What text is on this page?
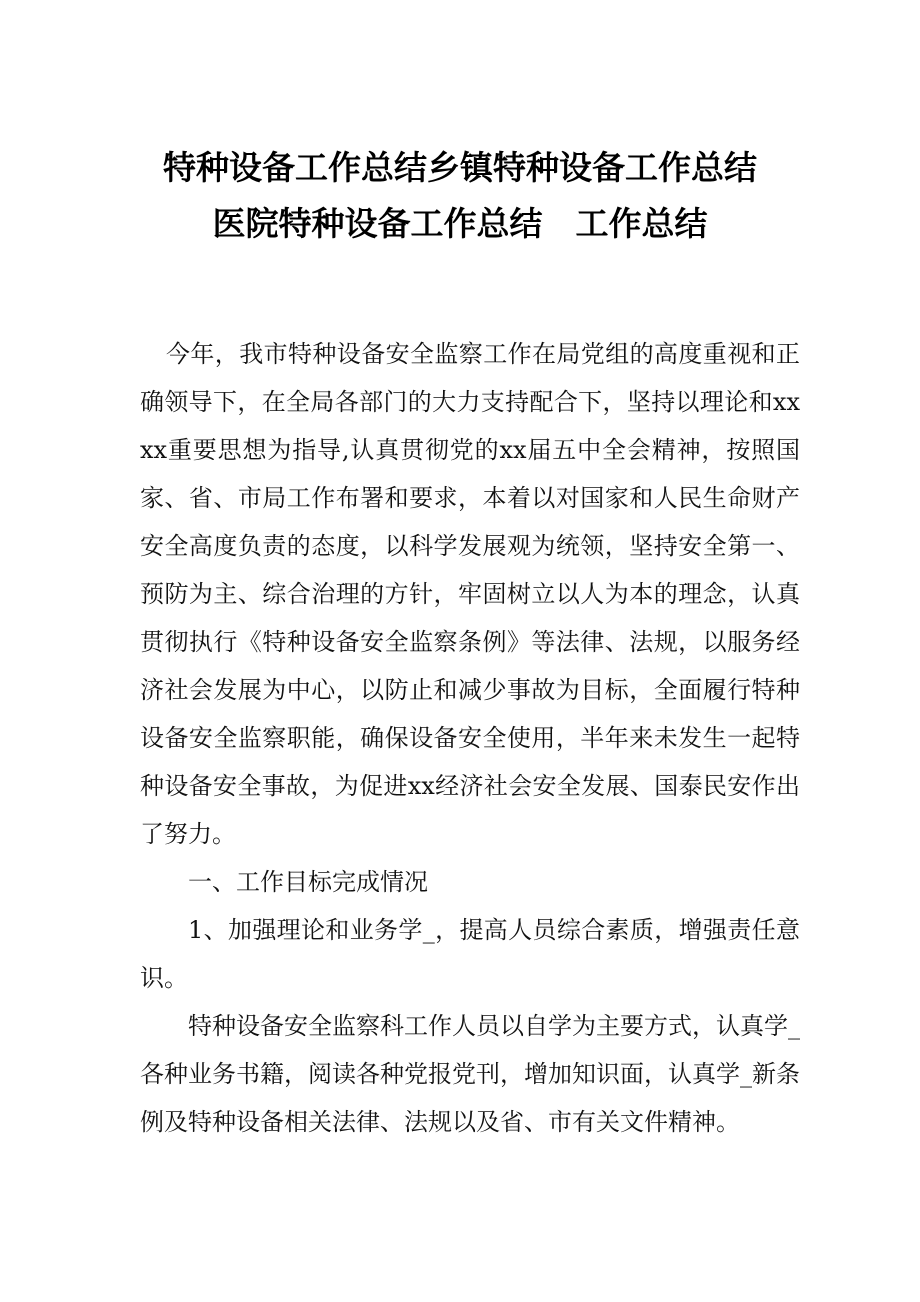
特种设备工作总结乡镇特种设备工作总结
医院特种设备工作总结　工作总结

今年，我市特种设备安全监察工作在局党组的高度重视和正确领导下，在全局各部门的大力支持配合下，坚持以理论和xxxx重要思想为指导,认真贯彻党的xx届五中全会精神，按照国家、省、市局工作布署和要求，本着以对国家和人民生命财产安全高度负责的态度，以科学发展观为统领，坚持安全第一、预防为主、综合治理的方针，牢固树立以人为本的理念，认真贯彻执行《特种设备安全监察条例》等法律、法规，以服务经济社会发展为中心，以防止和减少事故为目标，全面履行特种设备安全监察职能，确保设备安全使用，半年来未发生一起特种设备安全事故，为促进xx经济社会安全发展、国泰民安作出了努力。

一、工作目标完成情况

1、加强理论和业务学_，提高人员综合素质，增强责任意识。

特种设备安全监察科工作人员以自学为主要方式，认真学_各种业务书籍，阅读各种党报党刊，增加知识面，认真学_新条例及特种设备相关法律、法规以及省、市有关文件精神。
